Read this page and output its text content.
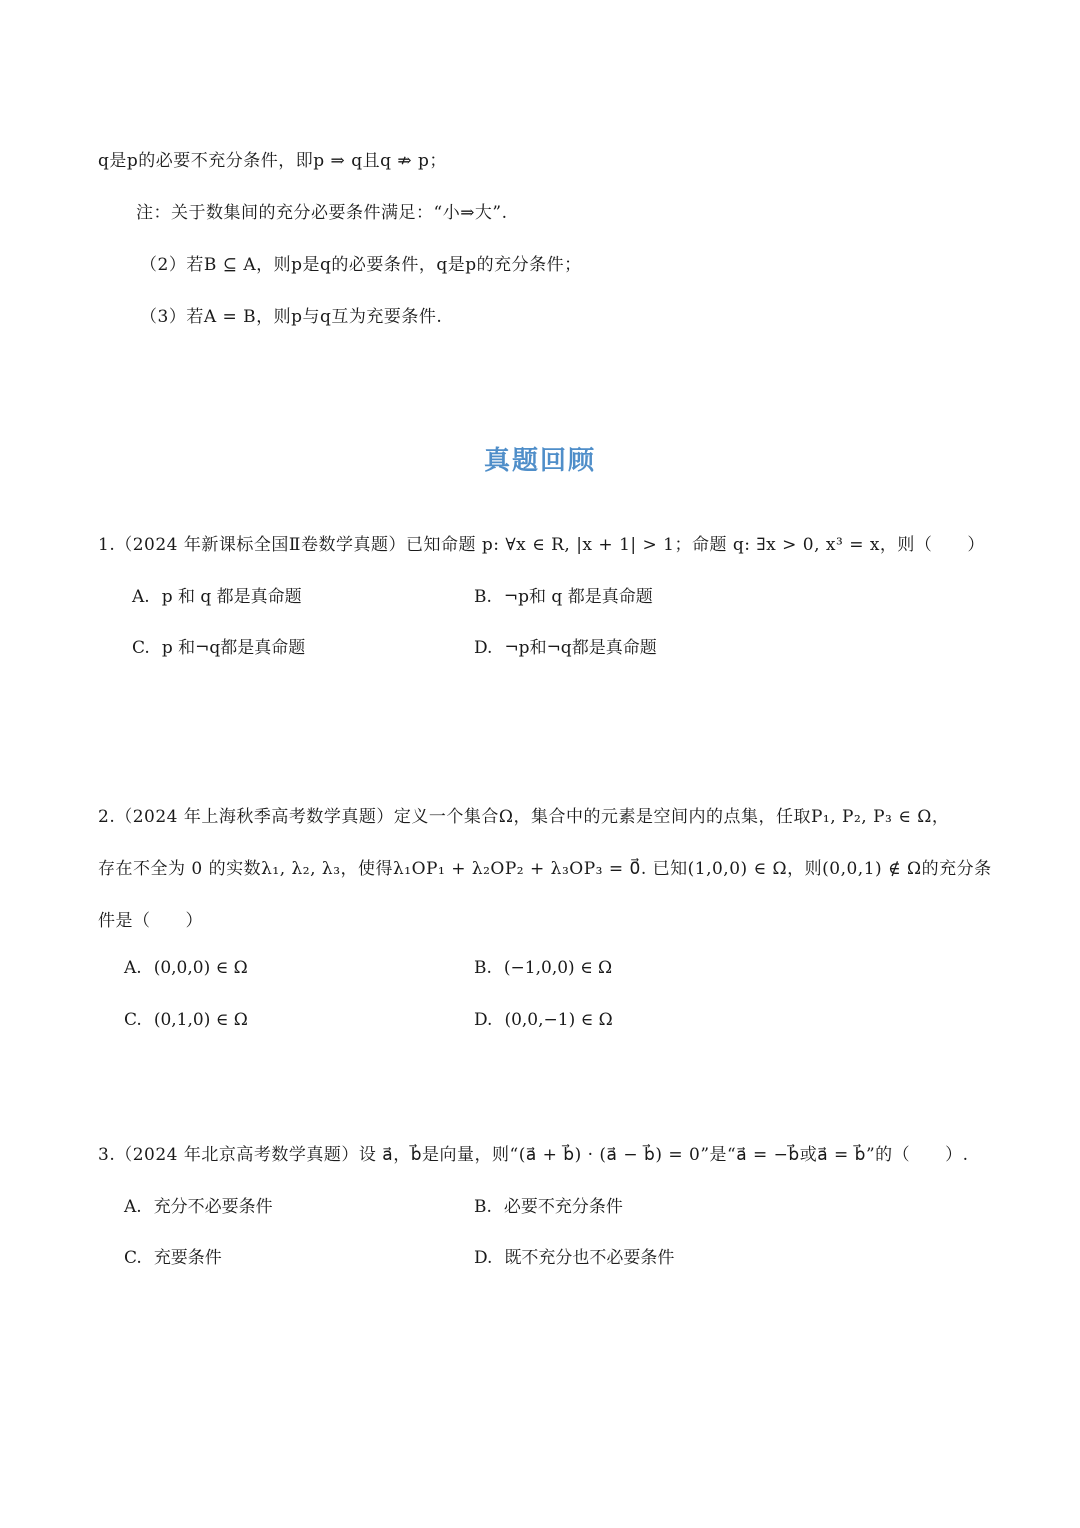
q是p的必要不充分条件，即p ⇒ q且q ⇏ p；
注：关于数集间的充分必要条件满足：“小⇒大”.
（2）若B ⊆ A，则p是q的必要条件，q是p的充分条件；
（3）若A = B，则p与q互为充要条件.
真题回顾
1.（2024 年新课标全国Ⅱ卷数学真题）已知命题 p: ∀x ∈ R, |x + 1| > 1；命题 q: ∃x > 0, x³ = x，则（　　）
A. p 和 q 都是真命题	B. ¬p和 q 都是真命题
C. p 和¬q都是真命题	D. ¬p和¬q都是真命题
2.（2024 年上海秋季高考数学真题）定义一个集合Ω，集合中的元素是空间内的点集，任取P₁, P₂, P₃ ∈ Ω，
存在不全为 0 的实数λ₁, λ₂, λ₃，使得λ₁OP₁ + λ₂OP₂ + λ₃OP₃ = 0⃗. 已知(1,0,0) ∈ Ω，则(0,0,1) ∉ Ω的充分条
件是（　　）
A. (0,0,0) ∈ Ω	B. (−1,0,0) ∈ Ω
C. (0,1,0) ∈ Ω	D. (0,0,−1) ∈ Ω
3.（2024 年北京高考数学真题）设 a⃗，b⃗是向量，则“(a⃗ + b⃗) · (a⃗ − b⃗) = 0”是“a⃗ = −b⃗或a⃗ = b⃗”的（　　）.
A. 充分不必要条件	B. 必要不充分条件
C. 充要条件	D. 既不充分也不必要条件
